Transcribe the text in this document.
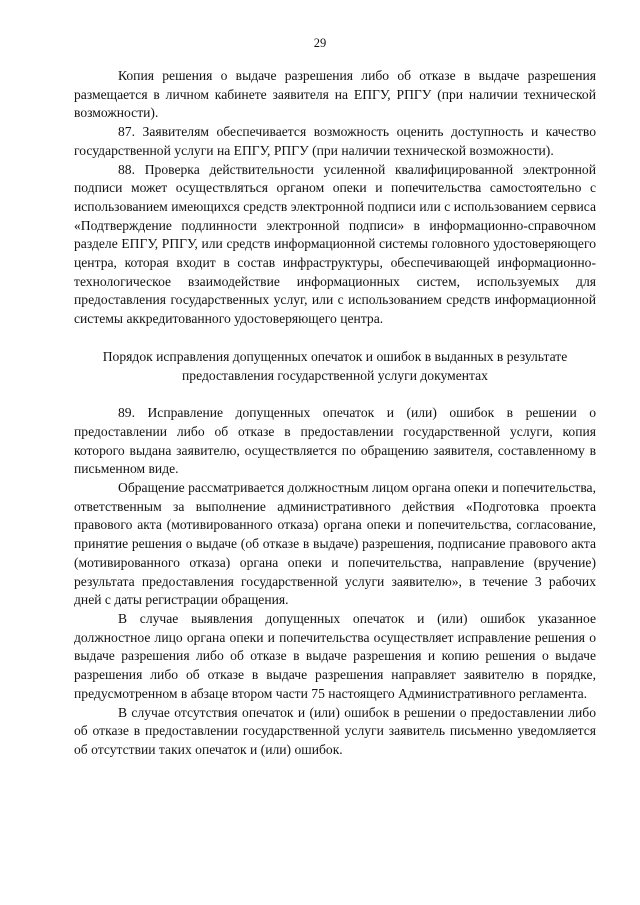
29

Копия решения о выдаче разрешения либо об отказе в выдаче разрешения размещается в личном кабинете заявителя на ЕПГУ, РПГУ (при наличии технической возможности).

87. Заявителям обеспечивается возможность оценить доступность и качество государственной услуги на ЕПГУ, РПГУ (при наличии технической возможности).

88. Проверка действительности усиленной квалифицированной электронной подписи может осуществляться органом опеки и попечительства самостоятельно с использованием имеющихся средств электронной подписи или с использованием сервиса «Подтверждение подлинности электронной подписи» в информационно-справочном разделе ЕПГУ, РПГУ, или средств информационной системы головного удостоверяющего центра, которая входит в состав инфраструктуры, обеспечивающей информационно-технологическое взаимодействие информационных систем, используемых для предоставления государственных услуг, или с использованием средств информационной системы аккредитованного удостоверяющего центра.

Порядок исправления допущенных опечаток и ошибок в выданных в результате предоставления государственной услуги документах

89. Исправление допущенных опечаток и (или) ошибок в решении о предоставлении либо об отказе в предоставлении государственной услуги, копия которого выдана заявителю, осуществляется по обращению заявителя, составленному в письменном виде.

Обращение рассматривается должностным лицом органа опеки и попечительства, ответственным за выполнение административного действия «Подготовка проекта правового акта (мотивированного отказа) органа опеки и попечительства, согласование, принятие решения о выдаче (об отказе в выдаче) разрешения, подписание правового акта (мотивированного отказа) органа опеки и попечительства, направление (вручение) результата предоставления государственной услуги заявителю», в течение 3 рабочих дней с даты регистрации обращения.

В случае выявления допущенных опечаток и (или) ошибок указанное должностное лицо органа опеки и попечительства осуществляет исправление решения о выдаче разрешения либо об отказе в выдаче разрешения и копию решения о выдаче разрешения либо об отказе в выдаче разрешения направляет заявителю в порядке, предусмотренном в абзаце втором части 75 настоящего Административного регламента.

В случае отсутствия опечаток и (или) ошибок в решении о предоставлении либо об отказе в предоставлении государственной услуги заявитель письменно уведомляется об отсутствии таких опечаток и (или) ошибок.
